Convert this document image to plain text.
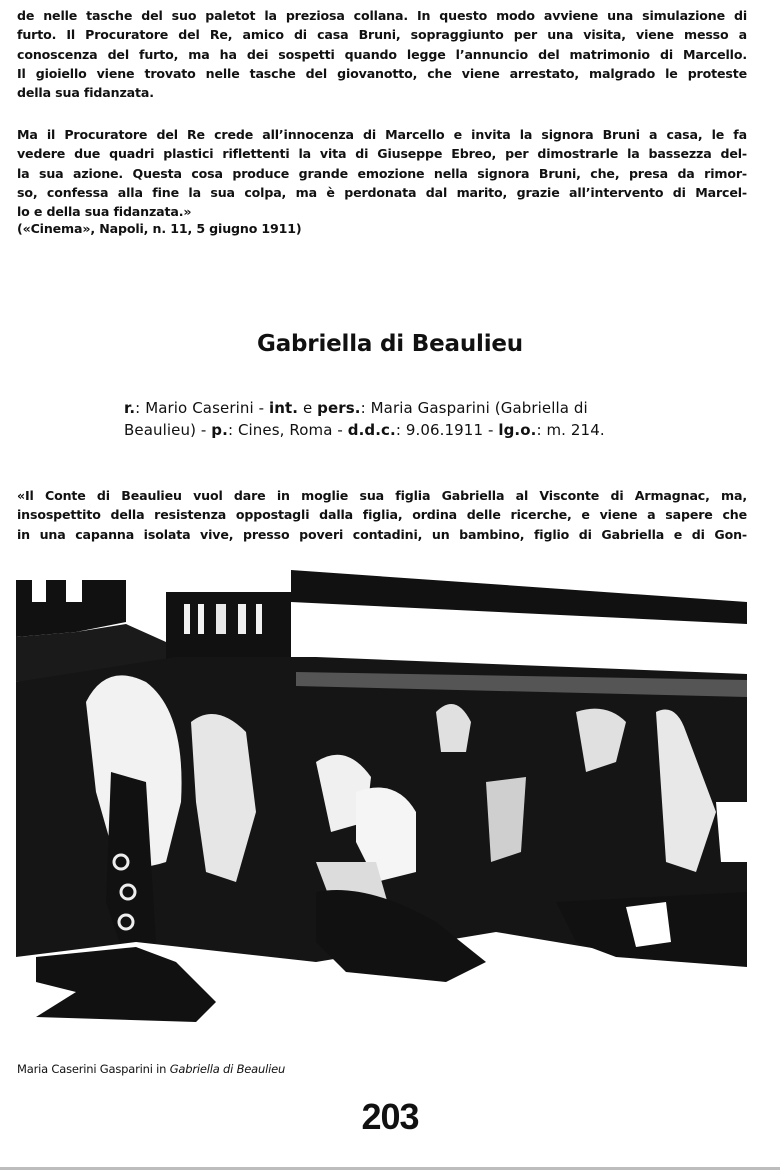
de nelle tasche del suo paletot la preziosa collana. In questo modo avviene una simulazione di
furto. Il Procuratore del Re, amico di casa Bruni, sopraggiunto per una visita, viene messo a
conoscenza del furto, ma ha dei sospetti quando legge l’annuncio del matrimonio di Marcello.
Il gioiello viene trovato nelle tasche del giovanotto, che viene arrestato, malgrado le proteste
della sua fidanzata.
Ma il Procuratore del Re crede all’innocenza di Marcello e invita la signora Bruni a casa, le fa
vedere due quadri plastici riflettenti la vita di Giuseppe Ebreo, per dimostrarle la bassezza del-
la sua azione. Questa cosa produce grande emozione nella signora Bruni, che, presa da rimor-
so, confessa alla fine la sua colpa, ma è perdonata dal marito, grazie all’intervento di Marcel-
lo e della sua fidanzata.»
(«Cinema», Napoli, n. 11, 5 giugno 1911)
Gabriella di Beaulieu
r.: Mario Caserini - int. e pers.: Maria Gasparini (Gabriella di
Beaulieu) - p.: Cines, Roma - d.d.c.: 9.06.1911 - lg.o.: m. 214.
«Il Conte di Beaulieu vuol dare in moglie sua figlia Gabriella al Visconte di Armagnac, ma,
insospettito della resistenza oppostagli dalla figlia, ordina delle ricerche, e viene a sapere che
in una capanna isolata vive, presso poveri contadini, un bambino, figlio di Gabriella e di Gon-
Maria Caserini Gasparini in Gabriella di Beaulieu
203
